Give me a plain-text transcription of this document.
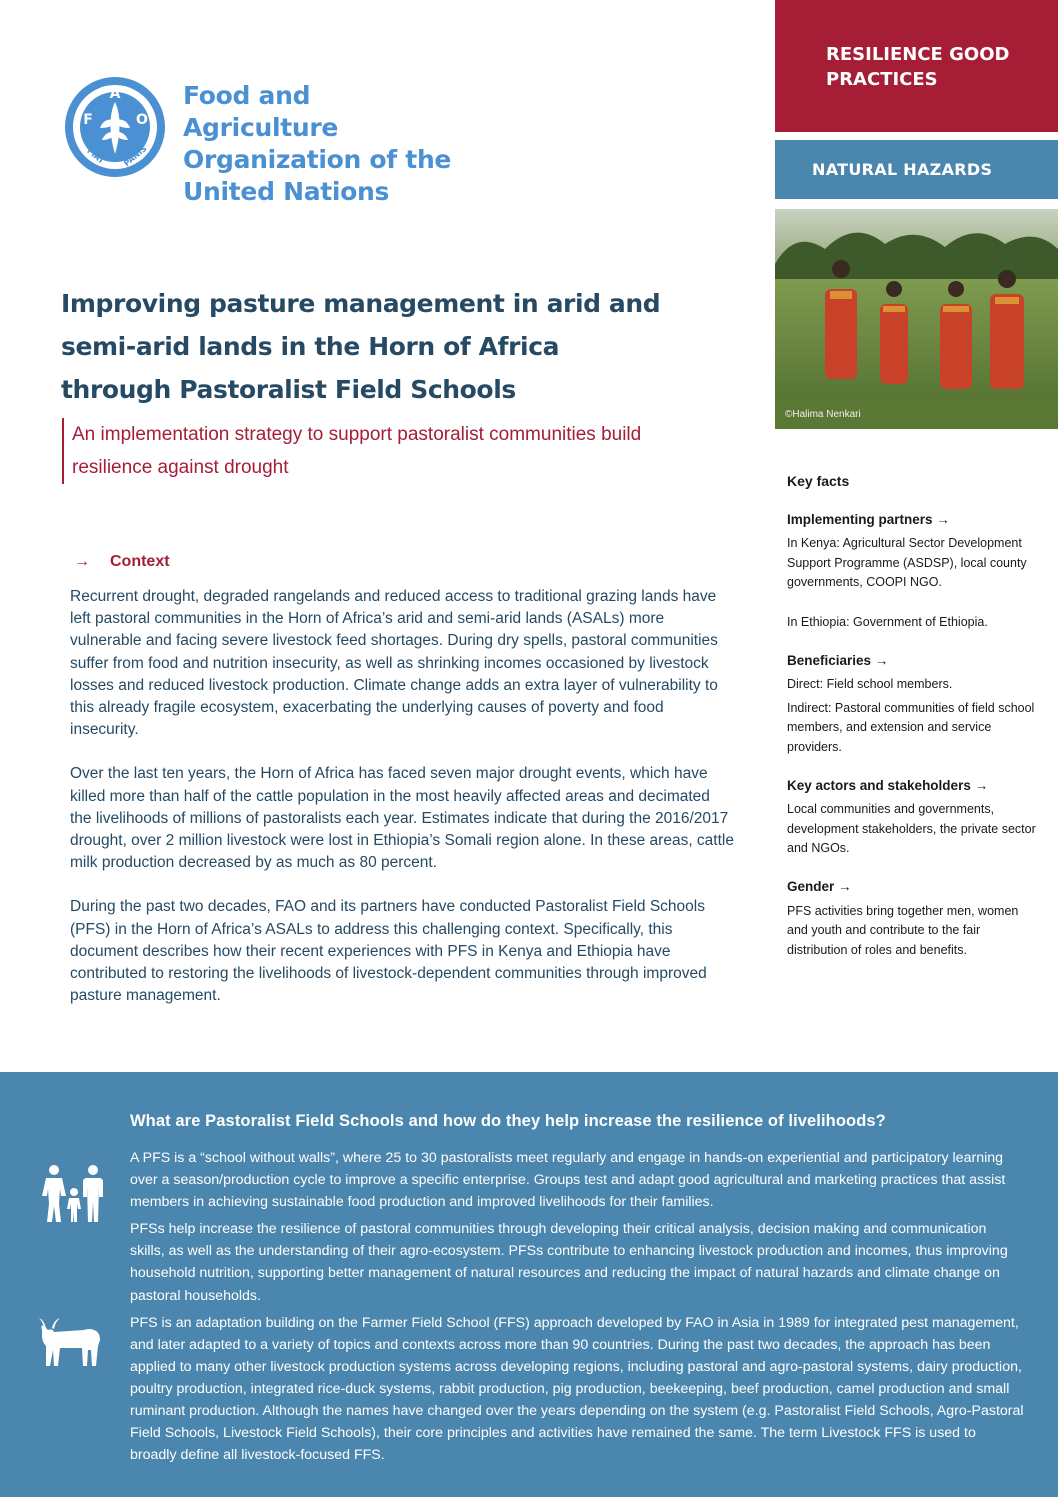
A
F	O
FIAT PANIS
Food and Agriculture Organization of the United Nations
RESILIENCE GOOD PRACTICES
NATURAL HAZARDS
©Halima Nenkari
Improving pasture management in arid and semi-arid lands in the Horn of Africa through Pastoralist Field Schools
An implementation strategy to support pastoralist communities build resilience against drought
→ Context

Recurrent drought, degraded rangelands and reduced access to traditional grazing lands have left pastoral communities in the Horn of Africa’s arid and semi-arid lands (ASALs) more vulnerable and facing severe livestock feed shortages. During dry spells, pastoral communities suffer from food and nutrition insecurity, as well as shrinking incomes occasioned by livestock losses and reduced livestock production. Climate change adds an extra layer of vulnerability to this already fragile ecosystem, exacerbating the underlying causes of poverty and food insecurity.

Over the last ten years, the Horn of Africa has faced seven major drought events, which have killed more than half of the cattle population in the most heavily affected areas and decimated the livelihoods of millions of pastoralists each year. Estimates indicate that during the 2016/2017 drought, over 2 million livestock were lost in Ethiopia’s Somali region alone. In these areas, cattle milk production decreased by as much as 80 percent.

During the past two decades, FAO and its partners have conducted Pastoralist Field Schools (PFS) in the Horn of Africa’s ASALs to address this challenging context. Specifically, this document describes how their recent experiences with PFS in Kenya and Ethiopia have contributed to restoring the livelihoods of livestock-dependent communities through improved pasture management.

Key facts
Implementing partners →

In Kenya: Agricultural Sector Development Support Programme (ASDSP), local county governments, COOPI NGO.

In Ethiopia: Government of Ethiopia.

Beneficiaries →

Direct: Field school members.

Indirect: Pastoral communities of field school members, and extension and service providers.

Key actors and stakeholders →

Local communities and governments, development stakeholders, the private sector and NGOs.

Gender →

PFS activities bring together men, women and youth and contribute to the fair distribution of roles and benefits.

What are Pastoralist Field Schools and how do they help increase the resilience of livelihoods?

A PFS is a “school without walls”, where 25 to 30 pastoralists meet regularly and engage in hands-on experiential and participatory learning over a season/production cycle to improve a specific enterprise. Groups test and adapt good agricultural and marketing practices that assist members in achieving sustainable food production and improved livelihoods for their families.

PFSs help increase the resilience of pastoral communities through developing their critical analysis, decision making and communication skills, as well as the understanding of their agro-ecosystem. PFSs contribute to enhancing livestock production and incomes, thus improving household nutrition, supporting better management of natural resources and reducing the impact of natural hazards and climate change on pastoral households.

PFS is an adaptation building on the Farmer Field School (FFS) approach developed by FAO in Asia in 1989 for integrated pest management, and later adapted to a variety of topics and contexts across more than 90 countries. During the past two decades, the approach has been applied to many other livestock production systems across developing regions, including pastoral and agro-pastoral systems, dairy production, poultry production, integrated rice-duck systems, rabbit production, pig production, beekeeping, beef production, camel production and small ruminant production. Although the names have changed over the years depending on the system (e.g. Pastoralist Field Schools, Agro-Pastoral Field Schools, Livestock Field Schools), their core principles and activities have remained the same. The term Livestock FFS is used to broadly define all livestock-focused FFS.
